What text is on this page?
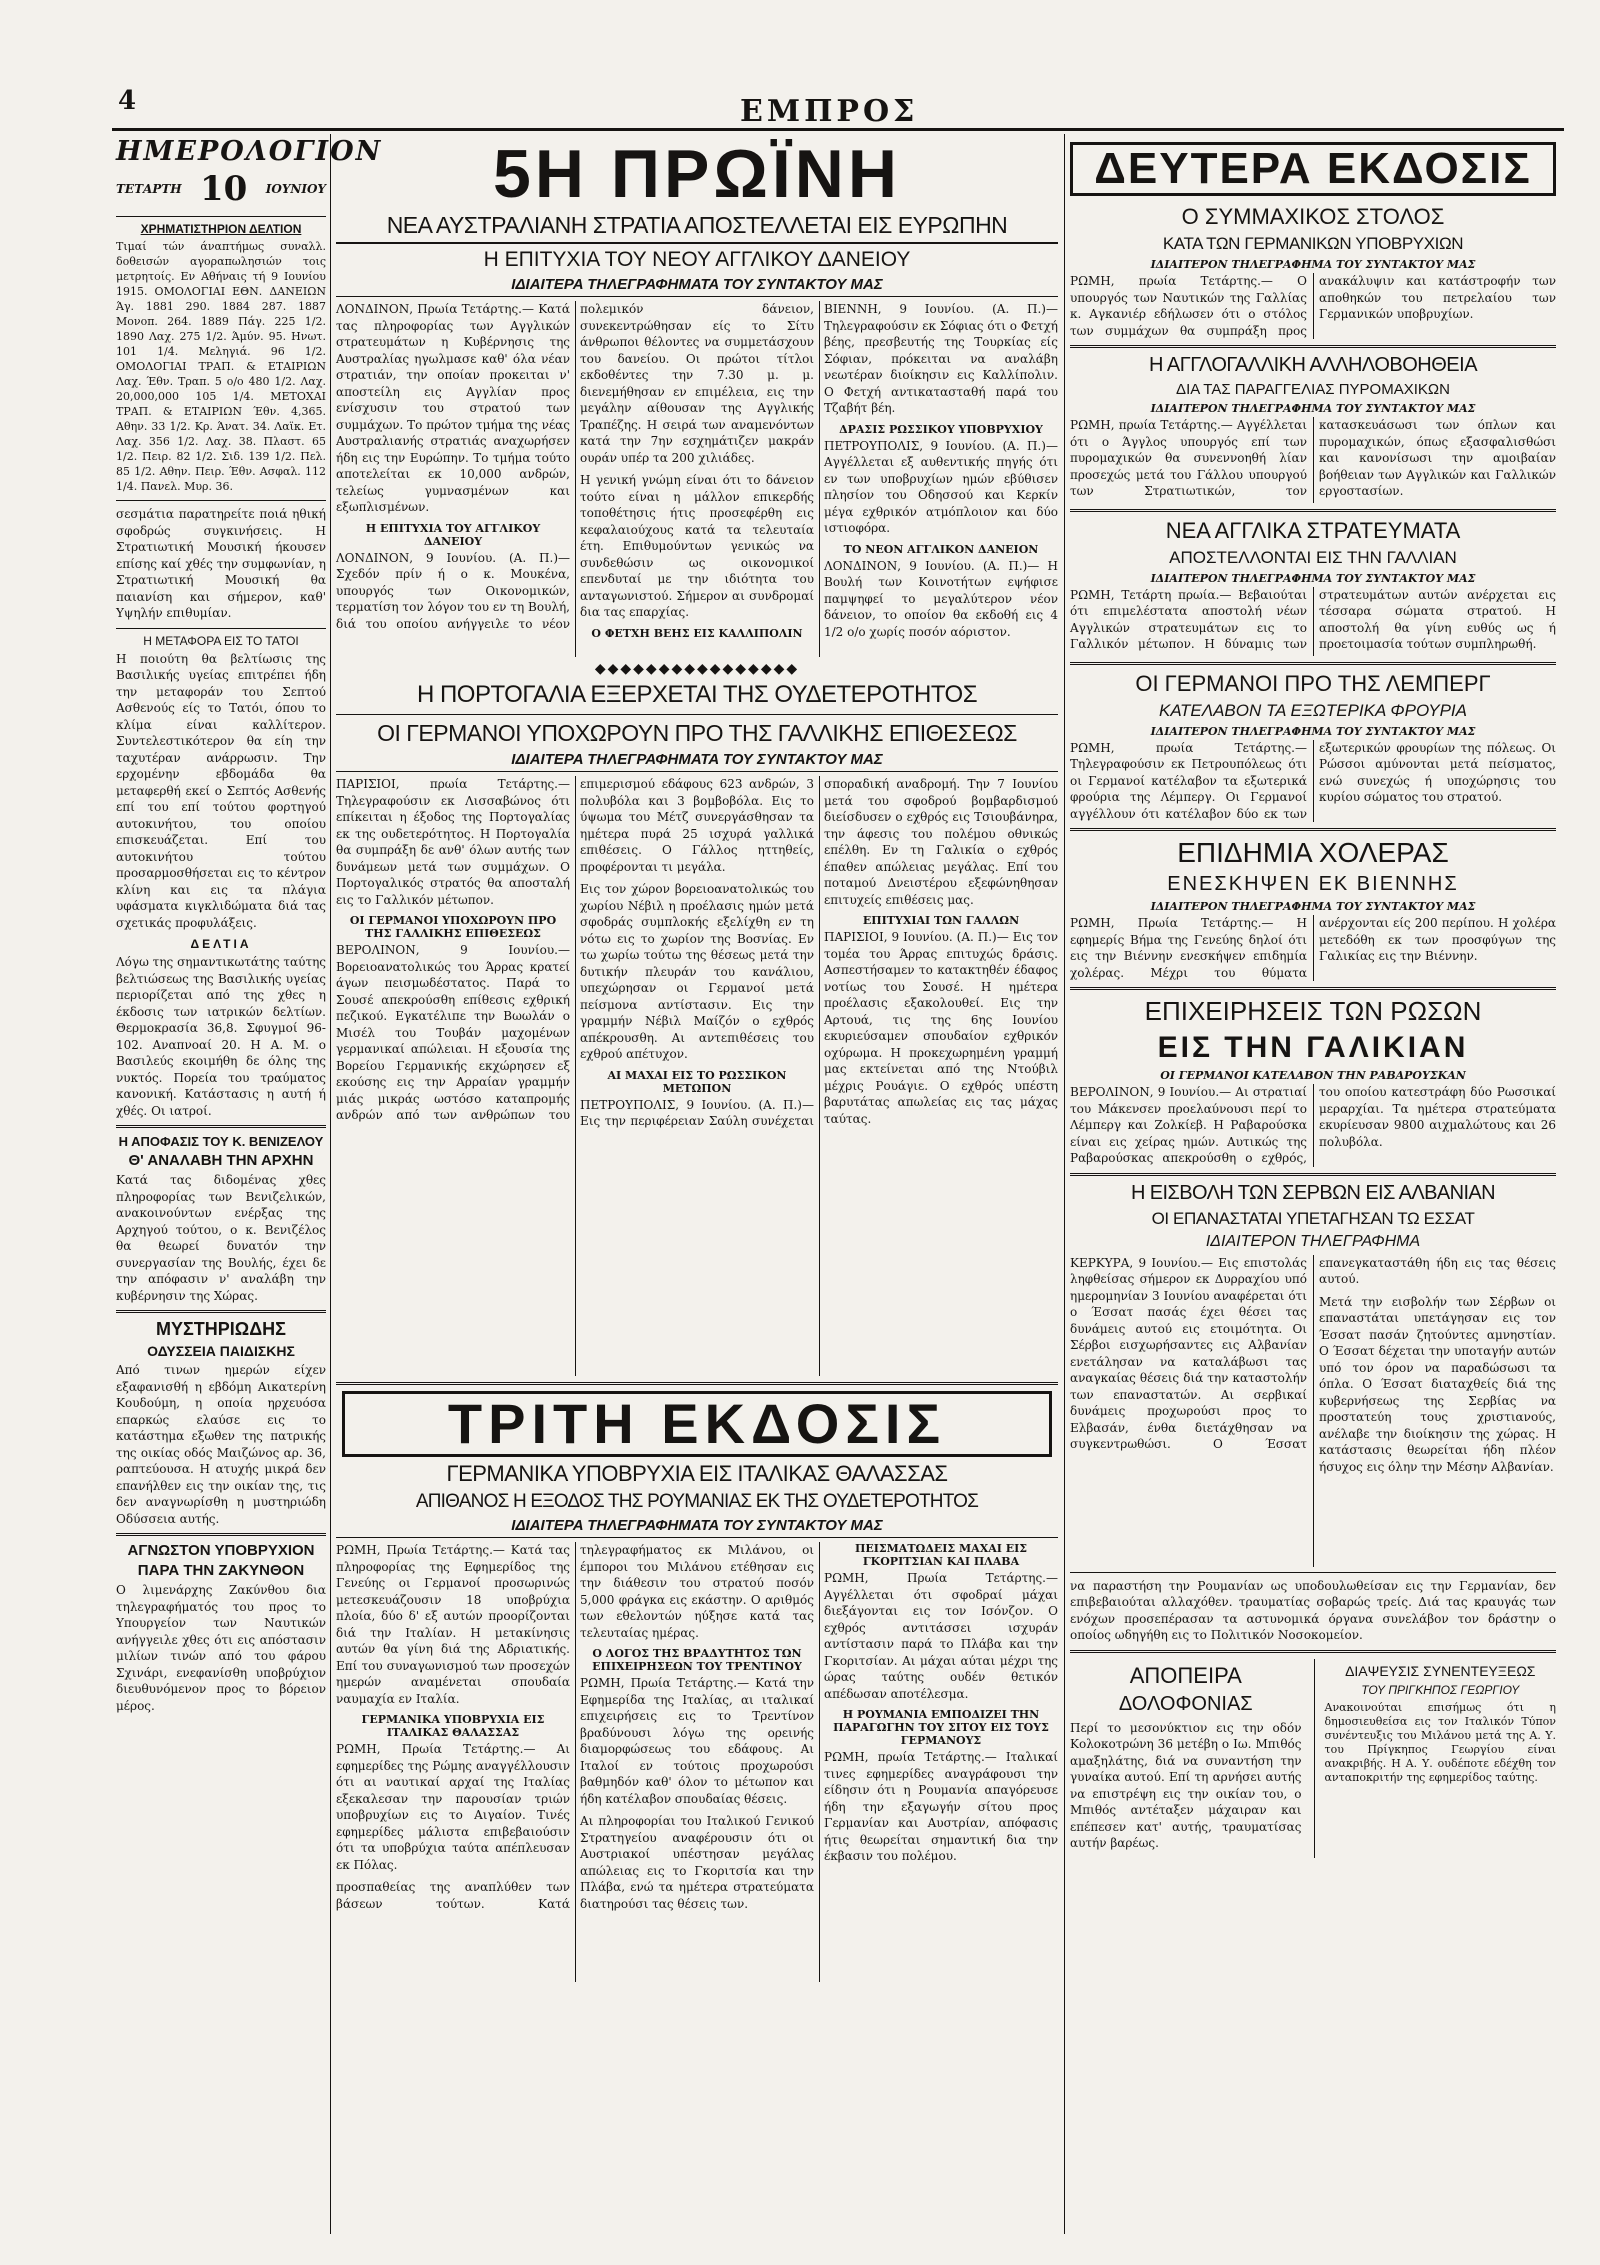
4	ΕΜΠΡΟΣ
ΗΜΕΡΟΛΟΓΙΟΝ
ΤΕΤΑΡΤΗ 10 ΙΟΥΝΙΟΥ
ΧΡΗΜΑΤΙΣΤΗΡΙΟΝ ΔΕΛΤΙΟΝ

Τιμαί τών άναπτήμως συναλλ. δοθεισών αγοραπωλησιών τοις μετρητοίς. Εν Αθήναις τή 9 Ιουνίου 1915. ΟΜΟΛΟΓΙΑΙ ΕΘΝ. ΔΑΝΕΙΩΝ Άγ. 1881 290. 1884 287. 1887 Μονοπ. 264. 1889 Πάγ. 225 1/2. 1890 Λαχ. 275 1/2. Άμύν. 95. Ηνωτ. 101 1/4. Μεληγιά. 96 1/2. ΟΜΟΛΟΓΙΑΙ ΤΡΑΠ. & ΕΤΑΙΡΙΩΝ Λαχ. Έθν. Τραπ. 5 ο/ο 480 1/2. Λαχ. 20,000,000 105 1/4. ΜΕΤΟΧΑΙ ΤΡΑΠ. & ΕΤΑΙΡΙΩΝ Έθν. 4,365. Αθην. 33 1/2. Κρ. Άνατ. 34. Λαϊκ. Ετ. Λαχ. 356 1/2. Λαχ. 38. Πλαστ. 65 1/2. Πειρ. 82 1/2. Σιδ. 139 1/2. Πελ. 85 1/2. Αθην. Πειρ. Έθν. Ασφαλ. 112 1/4. Πανελ. Μυρ. 36.

σεσμάτια παρατηρείτε ποιά ηθική σφοδρώς συγκινήσεις. Η Στρατιωτική Μουσική ήκουσεν επίσης καί χθές την συμφωνίαν, η Στρατιωτική Μουσική θα παιανίση και σήμερον, καθ' Υψηλήν επιθυμίαν.

Η ΜΕΤΑΦΟΡΑ ΕΙΣ ΤΟ ΤΑΤΟΙ

Η ποιούτη θα βελτίωσις της Βασιλικής υγείας επιτρέπει ήδη την μεταφοράν του Σεπτού Ασθενούς είς το Τατόι, όπου το κλίμα είναι καλλίτερον. Συντελεστικότερον θα είη την ταχυτέραν ανάρρωσιν. Την ερχομένην εβδομάδα θα μεταφερθή εκεί ο Σεπτός Ασθενής επί του επί τούτου φορτηγού αυτοκινήτου, του οποίου επισκευάζεται. Επί του αυτοκινήτου τούτου προσαρμοσθήσεται εις το κέντρον κλίνη και εις τα πλάγια υφάσματα κιγκλιδώματα διά τας σχετικάς προφυλάξεις.

ΔΕΛΤΙΑ

Λόγω της σημαντικωτάτης ταύτης βελτιώσεως της Βασιλικής υγείας περιορίζεται από της χθες η έκδοσις των ιατρικών δελτίων. Θερμοκρασία 36,8. Σφυγμοί 96-102. Αναπνοαί 20. Η Α. Μ. ο Βασιλεύς εκοιμήθη δε όλης της νυκτός. Πορεία του τραύματος κανονική. Κατάστασις η αυτή ή χθές. Οι ιατροί.

Η ΑΠΟΦΑΣΙΣ ΤΟΥ Κ. ΒΕΝΙΖΕΛΟΥ
Θ' ΑΝΑΛΑΒΗ ΤΗΝ ΑΡΧΗΝ

Κατά τας διδομένας χθες πληροφορίας των Βενιζελικών, ανακοινούντων ενέρξας της Αρχηγού τούτου, ο κ. Βενιζέλος θα θεωρεί δυνατόν την συνεργασίαν της Βουλής, έχει δε την απόφασιν ν' αναλάβη την κυβέρνησιν της Χώρας.

ΜΥΣΤΗΡΙΩΔΗΣ
ΟΔΥΣΣΕΙΑ ΠΑΙΔΙΣΚΗΣ

Από τινων ημερών είχεν εξαφανισθή η εβδόμη Αικατερίνη Κουδούμη, η οποία ηρχευόσα επαρκώς ελαύσε εις το κατάστημα εξωθεν της πατρικής της οικίας οδός Μαιζώνος αρ. 36, ραπτεύουσα. Η ατυχής μικρά δεν επανήλθεν εις την οικίαν της, τις δεν αναγνωρίσθη η μυστηριώδη Οδύσσεια αυτής.

ΑΓΝΩΣΤΟΝ ΥΠΟΒΡΥΧΙΟΝ
ΠΑΡΑ ΤΗΝ ΖΑΚΥΝΘΟΝ

Ο λιμενάρχης Ζακύνθου δια τηλεγραφήματός του προς το Υπουργείον των Ναυτικών ανήγγειλε χθες ότι εις απόστασιν μιλίων τινών από του φάρου Σχινάρι, ενεφανίσθη υποβρύχιον διευθυνόμενον προς το βόρειον μέρος.

5Η ΠΡΩΪΝΗ
ΝΕΑ ΑΥΣΤΡΑΛΙΑΝΗ ΣΤΡΑΤΙΑ ΑΠΟΣΤΕΛΛΕΤΑΙ ΕΙΣ ΕΥΡΩΠΗΝ
Η ΕΠΙΤΥΧΙΑ ΤΟΥ ΝΕΟΥ ΑΓΓΛΙΚΟΥ ΔΑΝΕΙΟΥ
ΙΔΙΑΙΤΕΡΑ ΤΗΛΕΓΡΑΦΗΜΑΤΑ ΤΟΥ ΣΥΝΤΑΚΤΟΥ ΜΑΣ

ΛΟΝΔΙΝΟΝ, Πρωία Τετάρτης.— Κατά τας πληροφορίας των Αγγλικών στρατευμάτων η Κυβέρνησις της Αυστραλίας ηγωλμασε καθ' όλα νέαν στρατιάν, την οποίαν προκειται ν' αποστείλη εις Αγγλίαν προς ενίσχυσιν του στρατού των συμμάχων. Το πρώτον τμήμα της νέας Αυστραλιανής στρατιάς αναχωρήσεν ήδη εις την Ευρώπην. Το τμήμα τούτο αποτελείται εκ 10,000 ανδρών, τελείως γυμνασμένων και εξωπλισμένων.

Η ΕΠΙΤΥΧΙΑ ΤΟΥ ΑΓΓΛΙΚΟΥ ΔΑΝΕΙΟΥ

ΛΟΝΔΙΝΟΝ, 9 Ιουνίου. (Α. Π.)— Σχεδόν πρίν ή ο κ. Μουκένα, υπουργός των Οικονομικών, τερματίση τον λόγον του εν τη Βουλή, διά του οποίου ανήγγειλε το νέον πολεμικόν δάνειον, συνεκεντρώθησαν είς το Σίτυ άνθρωποι θέλοντες να συμμετάσχουν του δανείου. Οι πρώτοι τίτλοι εκδοθέντες την 7.30 μ. μ. διενεμήθησαν εν επιμέλεια, εις την μεγάλην αίθουσαν της Αγγλικής Τραπέζης. Η σειρά των αναμενόντων κατά την 7ην εσχημάτιζεν μακράν ουράν υπέρ τα 200 χιλιάδες.

Η γενική γνώμη είναι ότι το δάνειον τούτο είναι η μάλλον επικερδής τοποθέτησις ήτις προσεφέρθη εις κεφαλαιούχους κατά τα τελευταία έτη. Επιθυμούντων γενικώς να συνδεθώσιν ως οικονομικοί επενδυταί με την ιδιότητα του ανταγωνιστού. Σήμερον αι συνδρομαί δια τας επαρχίας.

Ο ΦΕΤΧΗ ΒΕΗΣ ΕΙΣ ΚΑΛΛΙΠΟΛΙΝ

ΒΙΕΝΝΗ, 9 Ιουνίου. (Α. Π.)— Τηλεγραφούσιν εκ Σόφιας ότι ο Φετχή βέης, πρεσβευτής της Τουρκίας είς Σόφιαν, πρόκειται να αναλάβη νεωτέραν διοίκησιν εις Καλλίπολιν. Ο Φετχή αντικατασταθή παρά του Τζαβήτ βέη.

ΔΡΑΣΙΣ ΡΩΣΣΙΚΟΥ ΥΠΟΒΡΥΧΙΟΥ

ΠΕΤΡΟΥΠΟΛΙΣ, 9 Ιουνίου. (Α. Π.)— Αγγέλλεται εξ αυθεντικής πηγής ότι εν των υποβρυχίων ημών εβύθισεν πλησίον του Οδησσού και Κερκίν μέγα εχθρικόν ατμόπλοιον και δύο ιστιοφόρα.

ΤΟ ΝΕΟΝ ΑΓΓΛΙΚΟΝ ΔΑΝΕΙΟΝ

ΛΟΝΔΙΝΟΝ, 9 Ιουνίου. (Α. Π.)— Η Βουλή των Κοινοτήτων εψήφισε παμψηφεί το μεγαλύτερον νέον δάνειον, το οποίον θα εκδοθή εις 4 1/2 ο/ο χωρίς ποσόν αόριστον.

◆◆◆◆◆◆◆◆◆◆◆◆◆◆◆◆
Η ΠΟΡΤΟΓΑΛΙΑ ΕΞΕΡΧΕΤΑΙ ΤΗΣ ΟΥΔΕΤΕΡΟΤΗΤΟΣ
ΟΙ ΓΕΡΜΑΝΟΙ ΥΠΟΧΩΡΟΥΝ ΠΡΟ ΤΗΣ ΓΑΛΛΙΚΗΣ ΕΠΙΘΕΣΕΩΣ
ΙΔΙΑΙΤΕΡΑ ΤΗΛΕΓΡΑΦΗΜΑΤΑ ΤΟΥ ΣΥΝΤΑΚΤΟΥ ΜΑΣ

ΠΑΡΙΣΙΟΙ, πρωία Τετάρτης.— Τηλεγραφούσιν εκ Λισσαβώνος ότι επίκειται η έξοδος της Πορτογαλίας εκ της ουδετερότητος. Η Πορτογαλία θα συμπράξη δε ανθ' όλων αυτής των δυνάμεων μετά των συμμάχων. Ο Πορτογαλικός στρατός θα αποσταλή εις το Γαλλικόν μέτωπον.

ΟΙ ΓΕΡΜΑΝΟΙ ΥΠΟΧΩΡΟΥΝ ΠΡΟ ΤΗΣ ΓΑΛΛΙΚΗΣ ΕΠΙΘΕΣΕΩΣ

ΒΕΡΟΛΙΝΟΝ, 9 Ιουνίου.— Βορειοανατολικώς του Άρρας κρατεί άγων πεισμωδέστατος. Παρά το Σουσέ απεκρούσθη επίθεσις εχθρική πεζικού. Εγκατέλιπε την Βωωλάν ο Μισέλ του Τουβάν μαχομένων γερμανικαί απώλειαι. Η εξουσία της Βορείου Γερμανικής εκχώρησεν εξ εκούσης εις την Αρραίαν γραμμήν μιάς μικράς ωστόσο καταπρομής ανδρών από των ανθρώπων του επιμερισμού εδάφους 623 ανδρών, 3 πολυβόλα και 3 βομβοβόλα. Εις το ύψωμα του Μέτζ συνεργάσθησαν τα ημέτερα πυρά 25 ισχυρά γαλλικά επιθέσεις. Ο Γάλλος ηττηθείς, προφέρονται τι μεγάλα.

Εις τον χώρον βορειοανατολικώς του χωρίου Νέβιλ η προέλασις ημών μετά σφοδράς συμπλοκής εξελίχθη εν τη νότω εις το χωρίον της Βοσνίας. Εν τω χωρίω τούτω της θέσεως μετά την δυτικήν πλευράν του κανάλιου, υπεχώρησαν οι Γερμανοί μετά πείσμονα αντίστασιν. Εις την γραμμήν Νέβιλ Μαίζόν ο εχθρός απέκρουσθη. Αι αντεπιθέσεις του εχθρού απέτυχον.

ΑΙ ΜΑΧΑΙ ΕΙΣ ΤΟ ΡΩΣΣΙΚΟΝ ΜΕΤΩΠΟΝ

ΠΕΤΡΟΥΠΟΛΙΣ, 9 Ιουνίου. (Α. Π.)— Εις την περιφέρειαν Σαύλη συνέχεται σποραδική αναδρομή. Την 7 Ιουνίου μετά του σφοδρού βομβαρδισμού διείσδυσεν ο εχθρός εις Τσιουβάνηρα, την άφεσις του πολέμου οθνικώς επέλθη. Εν τη Γαλικία ο εχθρός έπαθεν απώλειας μεγάλας. Επί του ποταμού Δνειστέρου εξεφώνηθησαν επιτυχείς επιθέσεις μας.

ΕΠΙΤΥΧΙΑΙ ΤΩΝ ΓΑΛΛΩΝ

ΠΑΡΙΣΙΟΙ, 9 Ιουνίου. (Α. Π.)— Εις τον τομέα του Άρρας επιτυχώς δράσις. Ασπεστήσαμεν το κατακτηθέν έδαφος νοτίως του Σουσέ. Η ημέτερα προέλασις εξακολουθεί. Εις την Αρτουά, τις της 6ης Ιουνίου εκυριεύσαμεν σπουδαίον εχθρικόν οχύρωμα. Η προκεχωρημένη γραμμή μας εκτείνεται από της Ντούβιλ μέχρις Ρουάγιε. Ο εχθρός υπέστη βαρυτάτας απωλείας εις τας μάχας ταύτας.

ΤΡΙΤΗ ΕΚΔΟΣΙΣ
ΓΕΡΜΑΝΙΚΑ ΥΠΟΒΡΥΧΙΑ ΕΙΣ ΙΤΑΛΙΚΑΣ ΘΑΛΑΣΣΑΣ
ΑΠΙΘΑΝΟΣ Η ΕΞΟΔΟΣ ΤΗΣ ΡΟΥΜΑΝΙΑΣ ΕΚ ΤΗΣ ΟΥΔΕΤΕΡΟΤΗΤΟΣ
ΙΔΙΑΙΤΕΡΑ ΤΗΛΕΓΡΑΦΗΜΑΤΑ ΤΟΥ ΣΥΝΤΑΚΤΟΥ ΜΑΣ

ΡΩΜΗ, Πρωία Τετάρτης.— Κατά τας πληροφορίας της Εφημερίδος της Γενεύης οι Γερμανοί προσωρινώς μετεσκευάζουσιν 18 υποβρύχια πλοία, δύο δ' εξ αυτών προορίζονται διά την Ιταλίαν. Η μετακίνησις αυτών θα γίνη διά της Αδριατικής. Επί του συναγωνισμού των προσεχών ημερών αναμένεται σπουδαία ναυμαχία εν Ιταλία.

ΓΕΡΜΑΝΙΚΑ ΥΠΟΒΡΥΧΙΑ ΕΙΣ ΙΤΑΛΙΚΑΣ ΘΑΛΑΣΣΑΣ

ΡΩΜΗ, Πρωία Τετάρτης.— Αι εφημερίδες της Ρώμης αναγγέλλουσιν ότι αι ναυτικαί αρχαί της Ιταλίας εξεκαλεσαν την παρουσίαν τριών υποβρυχίων εις το Αιγαίον. Τινές εφημερίδες μάλιστα επιβεβαιούσιν ότι τα υποβρύχια ταύτα απέπλευσαν εκ Πόλας.

προσπαθείας της αναπλύθεν των βάσεων τούτων. Κατά τηλεγραφήματος εκ Μιλάνου, οι έμποροι του Μιλάνου ετέθησαν εις την διάθεσιν του στρατού ποσόν 5,000 φράγκα εις εκάστην. Ο αριθμός των εθελοντών ηύξησε κατά τας τελευταίας ημέρας.

Ο ΛΟΓΟΣ ΤΗΣ ΒΡΑΔΥΤΗΤΟΣ ΤΩΝ ΕΠΙΧΕΙΡΗΣΕΩΝ ΤΟΥ ΤΡΕΝΤΙΝΟΥ

ΡΩΜΗ, Πρωία Τετάρτης.— Κατά την Εφημερίδα της Ιταλίας, αι ιταλικαί επιχειρήσεις εις το Τρεντίνον βραδύνουσι λόγω της ορεινής διαμορφώσεως του εδάφους. Αι Ιταλοί εν τούτοις προχωρούσι βαθμηδόν καθ' όλον το μέτωπον και ήδη κατέλαβον σπουδαίας θέσεις.

Αι πληροφορίαι του Ιταλικού Γενικού Στρατηγείου αναφέρουσιν ότι οι Αυστριακοί υπέστησαν μεγάλας απώλειας εις το Γκοριτσία και την Πλάβα, ενώ τα ημέτερα στρατεύματα διατηρούσι τας θέσεις των.

ΠΕΙΣΜΑΤΩΔΕΙΣ ΜΑΧΑΙ ΕΙΣ ΓΚΟΡΙΤΣΙΑΝ ΚΑΙ ΠΛΑΒΑ

ΡΩΜΗ, Πρωία Τετάρτης.— Αγγέλλεται ότι σφοδραί μάχαι διεξάγονται εις τον Ισόνζον. Ο εχθρός αντιτάσσει ισχυράν αντίστασιν παρά το Πλάβα και την Γκοριτσίαν. Αι μάχαι αύται μέχρι της ώρας ταύτης ουδέν θετικόν απέδωσαν αποτέλεσμα.

Η ΡΟΥΜΑΝΙΑ ΕΜΠΟΔΙΖΕΙ ΤΗΝ ΠΑΡΑΓΩΓΗΝ ΤΟΥ ΣΙΤΟΥ ΕΙΣ ΤΟΥΣ ΓΕΡΜΑΝΟΥΣ

ΡΩΜΗ, πρωία Τετάρτης.— Ιταλικαί τινες εφημερίδες αναγράφουσι την είδησιν ότι η Ρουμανία απαγόρευσε ήδη την εξαγωγήν σίτου προς Γερμανίαν και Αυστρίαν, απόφασις ήτις θεωρείται σημαντική δια την έκβασιν του πολέμου.

ΔΕΥΤΕΡΑ ΕΚΔΟΣΙΣ
Ο ΣΥΜΜΑΧΙΚΟΣ ΣΤΟΛΟΣ
ΚΑΤΑ ΤΩΝ ΓΕΡΜΑΝΙΚΩΝ ΥΠΟΒΡΥΧΙΩΝ
ΙΔΙΑΙΤΕΡΟΝ ΤΗΛΕΓΡΑΦΗΜΑ ΤΟΥ ΣΥΝΤΑΚΤΟΥ ΜΑΣ

ΡΩΜΗ, πρωία Τετάρτης.— Ο υπουργός των Ναυτικών της Γαλλίας κ. Αγκανιέρ εδήλωσεν ότι ο στόλος των συμμάχων θα συμπράξη προς ανακάλυψιν και κατάστροφήν των αποθηκών του πετρελαίου των Γερμανικών υποβρυχίων.

Η ΑΓΓΛΟΓΑΛΛΙΚΗ ΑΛΛΗΛΟΒΟΗΘΕΙΑ
ΔΙΑ ΤΑΣ ΠΑΡΑΓΓΕΛΙΑΣ ΠΥΡΟΜΑΧΙΚΩΝ
ΙΔΙΑΙΤΕΡΟΝ ΤΗΛΕΓΡΑΦΗΜΑ ΤΟΥ ΣΥΝΤΑΚΤΟΥ ΜΑΣ

ΡΩΜΗ, πρωία Τετάρτης.— Αγγέλλεται ότι ο Άγγλος υπουργός επί των πυρομαχικών θα συνεννοηθή λίαν προσεχώς μετά του Γάλλου υπουργού των Στρατιωτικών, τον κατασκευάσωσι των όπλων και πυρομαχικών, όπως εξασφαλισθώσι και κανονίσωσι την αμοιβαίαν βοήθειαν των Αγγλικών και Γαλλικών εργοστασίων.

ΝΕΑ ΑΓΓΛΙΚΑ ΣΤΡΑΤΕΥΜΑΤΑ
ΑΠΟΣΤΕΛΛΟΝΤΑΙ ΕΙΣ ΤΗΝ ΓΑΛΛΙΑΝ
ΙΔΙΑΙΤΕΡΟΝ ΤΗΛΕΓΡΑΦΗΜΑ ΤΟΥ ΣΥΝΤΑΚΤΟΥ ΜΑΣ

ΡΩΜΗ, Τετάρτη πρωία.— Βεβαιούται ότι επιμελέστατα αποστολή νέων Αγγλικών στρατευμάτων εις το Γαλλικόν μέτωπον. Η δύναμις των στρατευμάτων αυτών ανέρχεται εις τέσσαρα σώματα στρατού. Η αποστολή θα γίνη ευθύς ως ή προετοιμασία τούτων συμπληρωθή.

ΟΙ ΓΕΡΜΑΝΟΙ ΠΡΟ ΤΗΣ ΛΕΜΠΕΡΓ
ΚΑΤΕΛΑΒΟΝ ΤΑ ΕΞΩΤΕΡΙΚΑ ΦΡΟΥΡΙΑ
ΙΔΙΑΙΤΕΡΟΝ ΤΗΛΕΓΡΑΦΗΜΑ ΤΟΥ ΣΥΝΤΑΚΤΟΥ ΜΑΣ

ΡΩΜΗ, πρωία Τετάρτης.— Τηλεγραφούσιν εκ Πετρουπόλεως ότι οι Γερμανοί κατέλαβον τα εξωτερικά φρούρια της Λέμπεργ. Οι Γερμανοί αγγέλλουν ότι κατέλαβον δύο εκ των εξωτερικών φρουρίων της πόλεως. Οι Ρώσσοι αμύνονται μετά πείσματος, ενώ συνεχώς ή υποχώρησις του κυρίου σώματος του στρατού.

ΕΠΙΔΗΜΙΑ ΧΟΛΕΡΑΣ
ΕΝΕΣΚΗΨΕΝ ΕΚ ΒΙΕΝΝΗΣ
ΙΔΙΑΙΤΕΡΟΝ ΤΗΛΕΓΡΑΦΗΜΑ ΤΟΥ ΣΥΝΤΑΚΤΟΥ ΜΑΣ

ΡΩΜΗ, Πρωία Τετάρτης.— Η εφημερίς Βήμα της Γενεύης δηλοί ότι εις την Βιέννην ενεσκήψεν επιδημία χολέρας. Μέχρι του θύματα ανέρχονται είς 200 περίπου. Η χολέρα μετεδόθη εκ των προσφύγων της Γαλικίας εις την Βιέννην.

ΕΠΙΧΕΙΡΗΣΕΙΣ ΤΩΝ ΡΩΣΩΝ
ΕΙΣ ΤΗΝ ΓΑΛΙΚΙΑΝ
ΟΙ ΓΕΡΜΑΝΟΙ ΚΑΤΕΛΑΒΟΝ ΤΗΝ ΡΑΒΑΡΟΥΣΚΑΝ

ΒΕΡΟΛΙΝΟΝ, 9 Ιουνίου.— Αι στρατιαί του Μάκενσεν προελαύνουσι περί το Λέμπεργ και Ζολκίεβ. Η Ραβαρούσκα είναι εις χείρας ημών. Αυτικώς της Ραβαρούσκας απεκρούσθη ο εχθρός, του οποίου κατεστράφη δύο Ρωσσικαί μεραρχίαι. Τα ημέτερα στρατεύματα εκυρίευσαν 9800 αιχμαλώτους και 26 πολυβόλα.

Η ΕΙΣΒΟΛΗ ΤΩΝ ΣΕΡΒΩΝ ΕΙΣ ΑΛΒΑΝΙΑΝ
ΟΙ ΕΠΑΝΑΣΤΑΤΑΙ ΥΠΕΤΑΓΗΣΑΝ ΤΩ ΕΣΣΑΤ
ΙΔΙΑΙΤΕΡΟΝ ΤΗΛΕΓΡΑΦΗΜΑ

ΚΕΡΚΥΡΑ, 9 Ιουνίου.— Εις επιστολάς ληφθείσας σήμερον εκ Δυρραχίου υπό ημερομηνίαν 3 Ιουνίου αναφέρεται ότι ο Έσσατ πασάς έχει θέσει τας δυνάμεις αυτού εις ετοιμότητα. Οι Σέρβοι εισχωρήσαντες εις Αλβανίαν ενετάλησαν να καταλάβωσι τας αναγκαίας θέσεις διά την καταστολήν των επαναστατών. Αι σερβικαί δυνάμεις προχωρούσι προς το Ελβασάν, ένθα διετάχθησαν να συγκεντρωθώσι. Ο Έσσατ επανεγκαταστάθη ήδη εις τας θέσεις αυτού.

Μετά την εισβολήν των Σέρβων οι επαναστάται υπετάγησαν εις τον Έσσατ πασάν ζητούντες αμνηστίαν. Ο Έσσατ δέχεται την υποταγήν αυτών υπό τον όρον να παραδώσωσι τα όπλα. Ο Έσσατ διαταχθείς διά της κυβερνήσεως της Σερβίας να προστατεύη τους χριστιανούς, ανέλαβε την διοίκησιν της χώρας. Η κατάστασις θεωρείται ήδη πλέον ήσυχος εις όλην την Μέσην Αλβανίαν.

να παραστήση την Ρουμανίαν ως υποδουλωθείσαν εις την Γερμανίαν, δεν επιβεβαιούται αλλαχόθεν. τραυματίας σοβαρώς τρείς. Διά τας κραυγάς των ενόχων προσεπέρασαν τα αστυνομικά όργανα συνελάβον τον δράστην ο οποίος ωδηγήθη εις το Πολιτικόν Νοσοκομείον.

ΑΠΟΠΕΙΡΑ
ΔΟΛΟΦΟΝΙΑΣ

Περί το μεσονύκτιον εις την οδόν Κολοκοτρώνη 36 μετέβη ο Ιω. Μπιθός αμαξηλάτης, διά να συναντήση την γυναίκα αυτού. Επί τη αρνήσει αυτής να επιστρέψη εις την οικίαν του, ο Μπιθός αντέταξεν μάχαιραν και επέπεσεν κατ' αυτής, τραυματίσας αυτήν βαρέως.

ΔΙΑΨΕΥΣΙΣ ΣΥΝΕΝΤΕΥΞΕΩΣ
ΤΟΥ ΠΡΙΓΚΗΠΟΣ ΓΕΩΡΓΙΟΥ

Ανακοινούται επισήμως ότι η δημοσιευθείσα εις τον Ιταλικόν Τύπον συνέντευξις του Μιλάνου μετά της Α. Υ. του Πρίγκηπος Γεωργίου είναι ανακριβής. Η Α. Υ. ουδέποτε εδέχθη τον ανταποκριτήν της εφημερίδος ταύτης.
